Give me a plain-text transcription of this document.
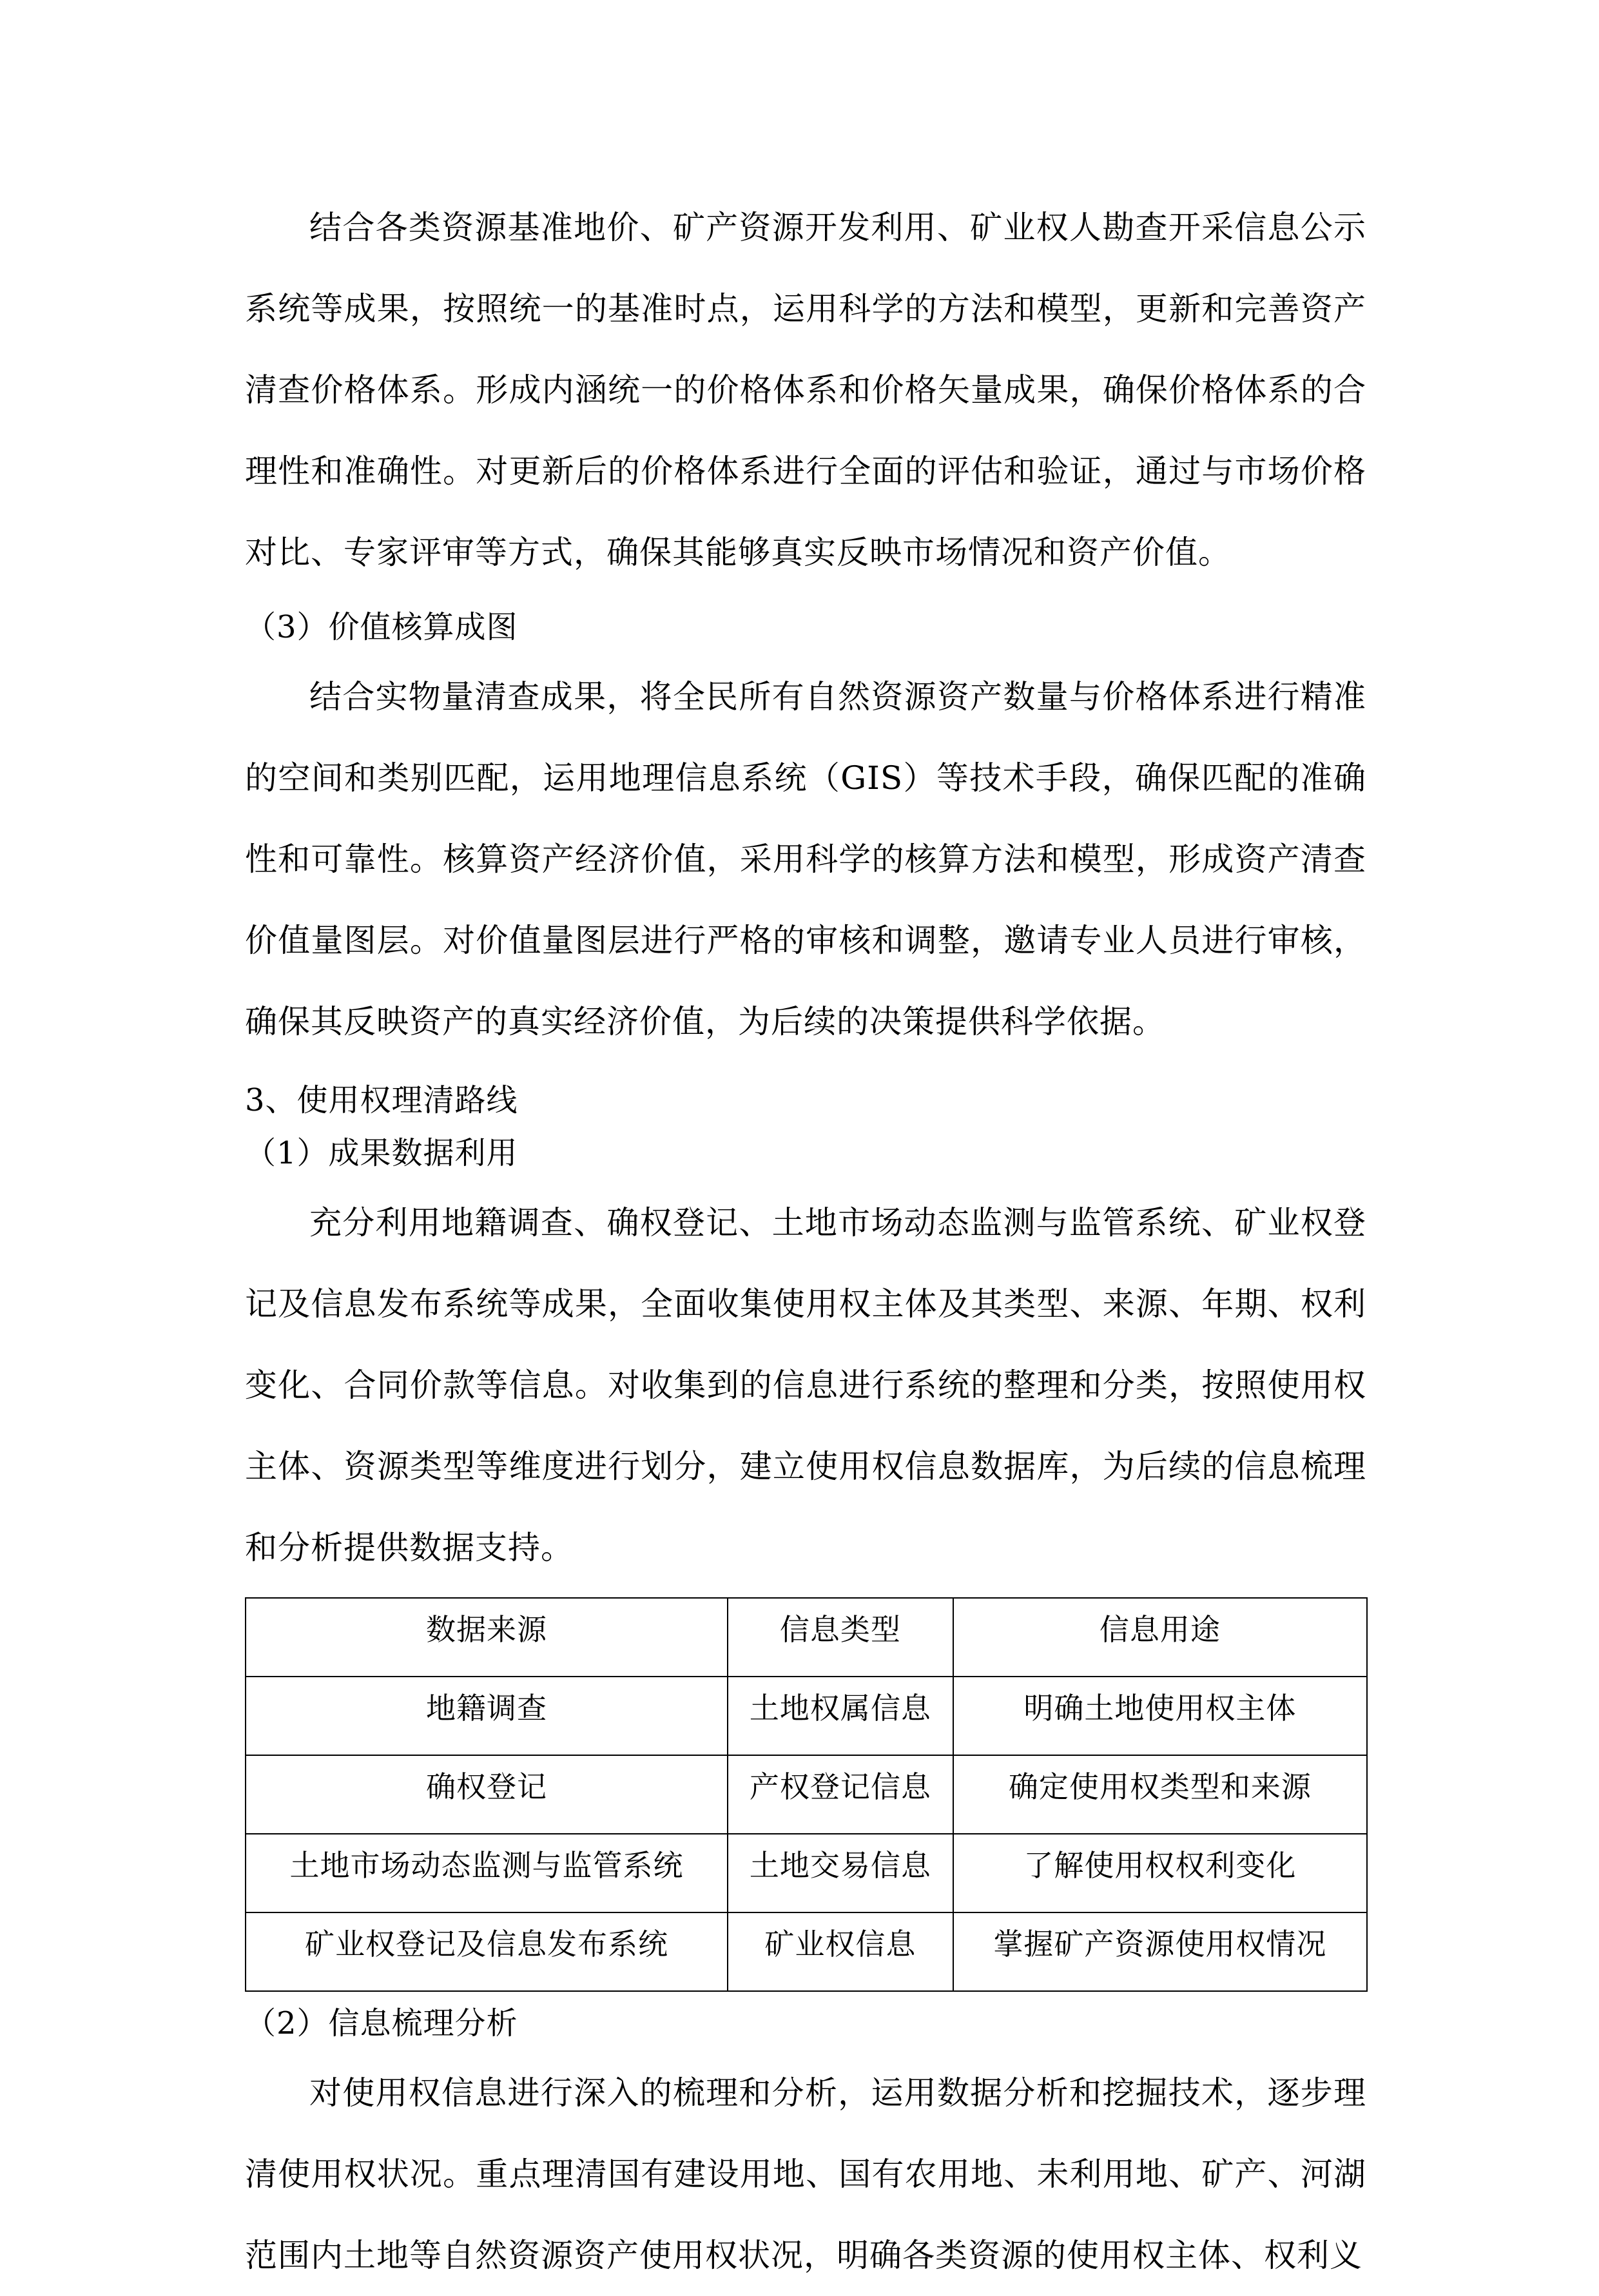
结合各类资源基准地价、矿产资源开发利用、矿业权人勘查开采信息公示系统等成果，按照统一的基准时点，运用科学的方法和模型，更新和完善资产清查价格体系。形成内涵统一的价格体系和价格矢量成果，确保价格体系的合理性和准确性。对更新后的价格体系进行全面的评估和验证，通过与市场价格对比、专家评审等方式，确保其能够真实反映市场情况和资产价值。

（3）价值核算成图

结合实物量清查成果，将全民所有自然资源资产数量与价格体系进行精准的空间和类别匹配，运用地理信息系统（GIS）等技术手段，确保匹配的准确性和可靠性。核算资产经济价值，采用科学的核算方法和模型，形成资产清查价值量图层。对价值量图层进行严格的审核和调整，邀请专业人员进行审核，确保其反映资产的真实经济价值，为后续的决策提供科学依据。

3、使用权理清路线

（1）成果数据利用

充分利用地籍调查、确权登记、土地市场动态监测与监管系统、矿业权登记及信息发布系统等成果，全面收集使用权主体及其类型、来源、年期、权利变化、合同价款等信息。对收集到的信息进行系统的整理和分类，按照使用权主体、资源类型等维度进行划分，建立使用权信息数据库，为后续的信息梳理和分析提供数据支持。

数据来源	信息类型	信息用途
地籍调查	土地权属信息	明确土地使用权主体
确权登记	产权登记信息	确定使用权类型和来源
土地市场动态监测与监管系统	土地交易信息	了解使用权权利变化
矿业权登记及信息发布系统	矿业权信息	掌握矿产资源使用权情况

（2）信息梳理分析

对使用权信息进行深入的梳理和分析，运用数据分析和挖掘技术，逐步理清使用权状况。重点理清国有建设用地、国有农用地、未利用地、矿产、河湖范围内土地等自然资源资产使用权状况，明确各类资源的使用权主体、权利义
